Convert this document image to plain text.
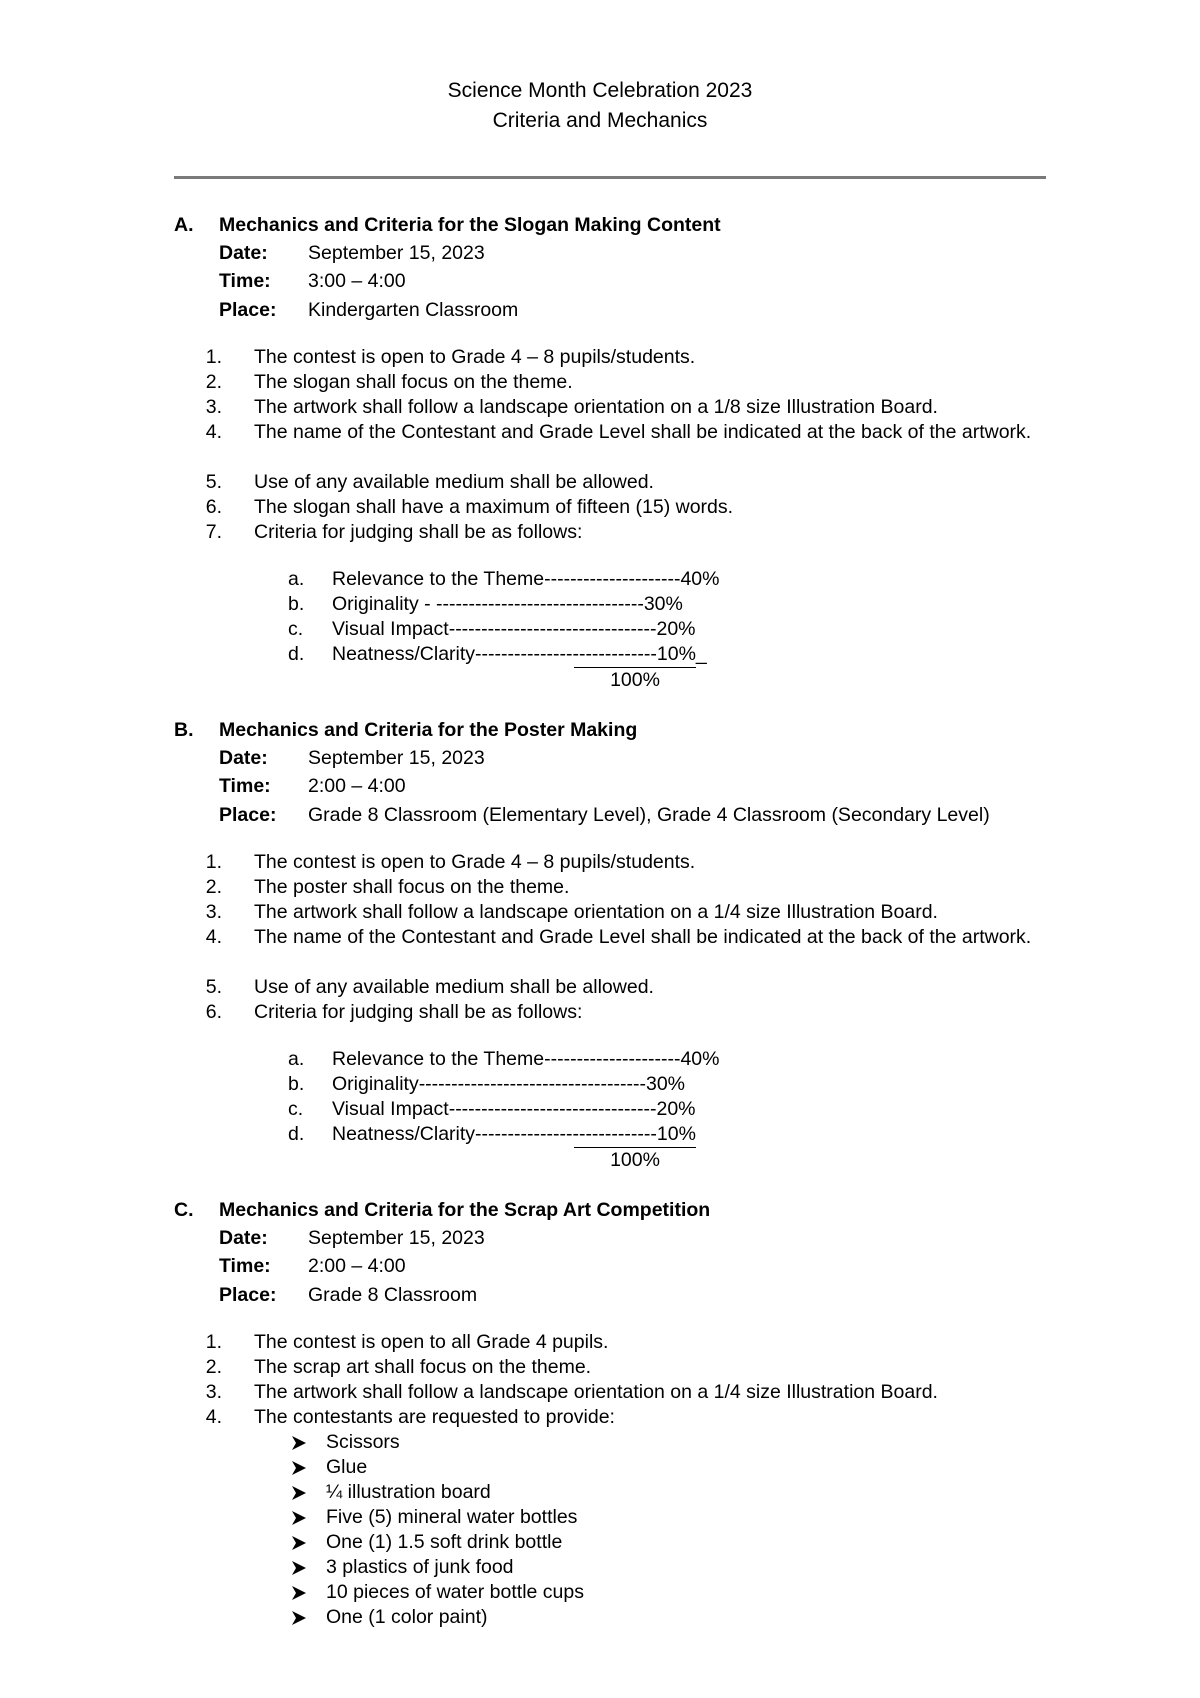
Science Month Celebration 2023
Criteria and Mechanics
A.	Mechanics and Criteria for the Slogan Making Content
Date: September 15, 2023
Time: 3:00 – 4:00
Place: Kindergarten Classroom
1. The contest is open to Grade 4 – 8 pupils/students.
2. The slogan shall focus on the theme.
3. The artwork shall follow a landscape orientation on a 1/8 size Illustration Board.
4. The name of the Contestant and Grade Level shall be indicated at the back of the artwork.
5. Use of any available medium shall be allowed.
6. The slogan shall have a maximum of fifteen (15) words.
7. Criteria for judging shall be as follows:
a.	Relevance to the Theme---------------------40%
b.	Originality - --------------------------------30%
c.	Visual Impact--------------------------------20%
d.	Neatness/Clarity----------------------------10%_
100%
B.	Mechanics and Criteria for the Poster Making
Date: September 15, 2023
Time: 2:00 – 4:00
Place: Grade 8 Classroom (Elementary Level), Grade 4 Classroom (Secondary Level)
1. The contest is open to Grade 4 – 8 pupils/students.
2. The poster shall focus on the theme.
3. The artwork shall follow a landscape orientation on a 1/4 size Illustration Board.
4. The name of the Contestant and Grade Level shall be indicated at the back of the artwork.
5. Use of any available medium shall be allowed.
6. Criteria for judging shall be as follows:
a.	Relevance to the Theme---------------------40%
b.	Originality-----------------------------------30%
c.	Visual Impact--------------------------------20%
d.	Neatness/Clarity----------------------------10%
100%
C.	Mechanics and Criteria for the Scrap Art Competition
Date: September 15, 2023
Time: 2:00 – 4:00
Place: Grade 8 Classroom
1. The contest is open to all Grade 4 pupils.
2. The scrap art shall focus on the theme.
3. The artwork shall follow a landscape orientation on a 1/4 size Illustration Board.
4. The contestants are requested to provide:
Scissors
Glue
¼ illustration board
Five (5) mineral water bottles
One (1) 1.5 soft drink bottle
3 plastics of junk food
10 pieces of water bottle cups
One (1 color paint)
